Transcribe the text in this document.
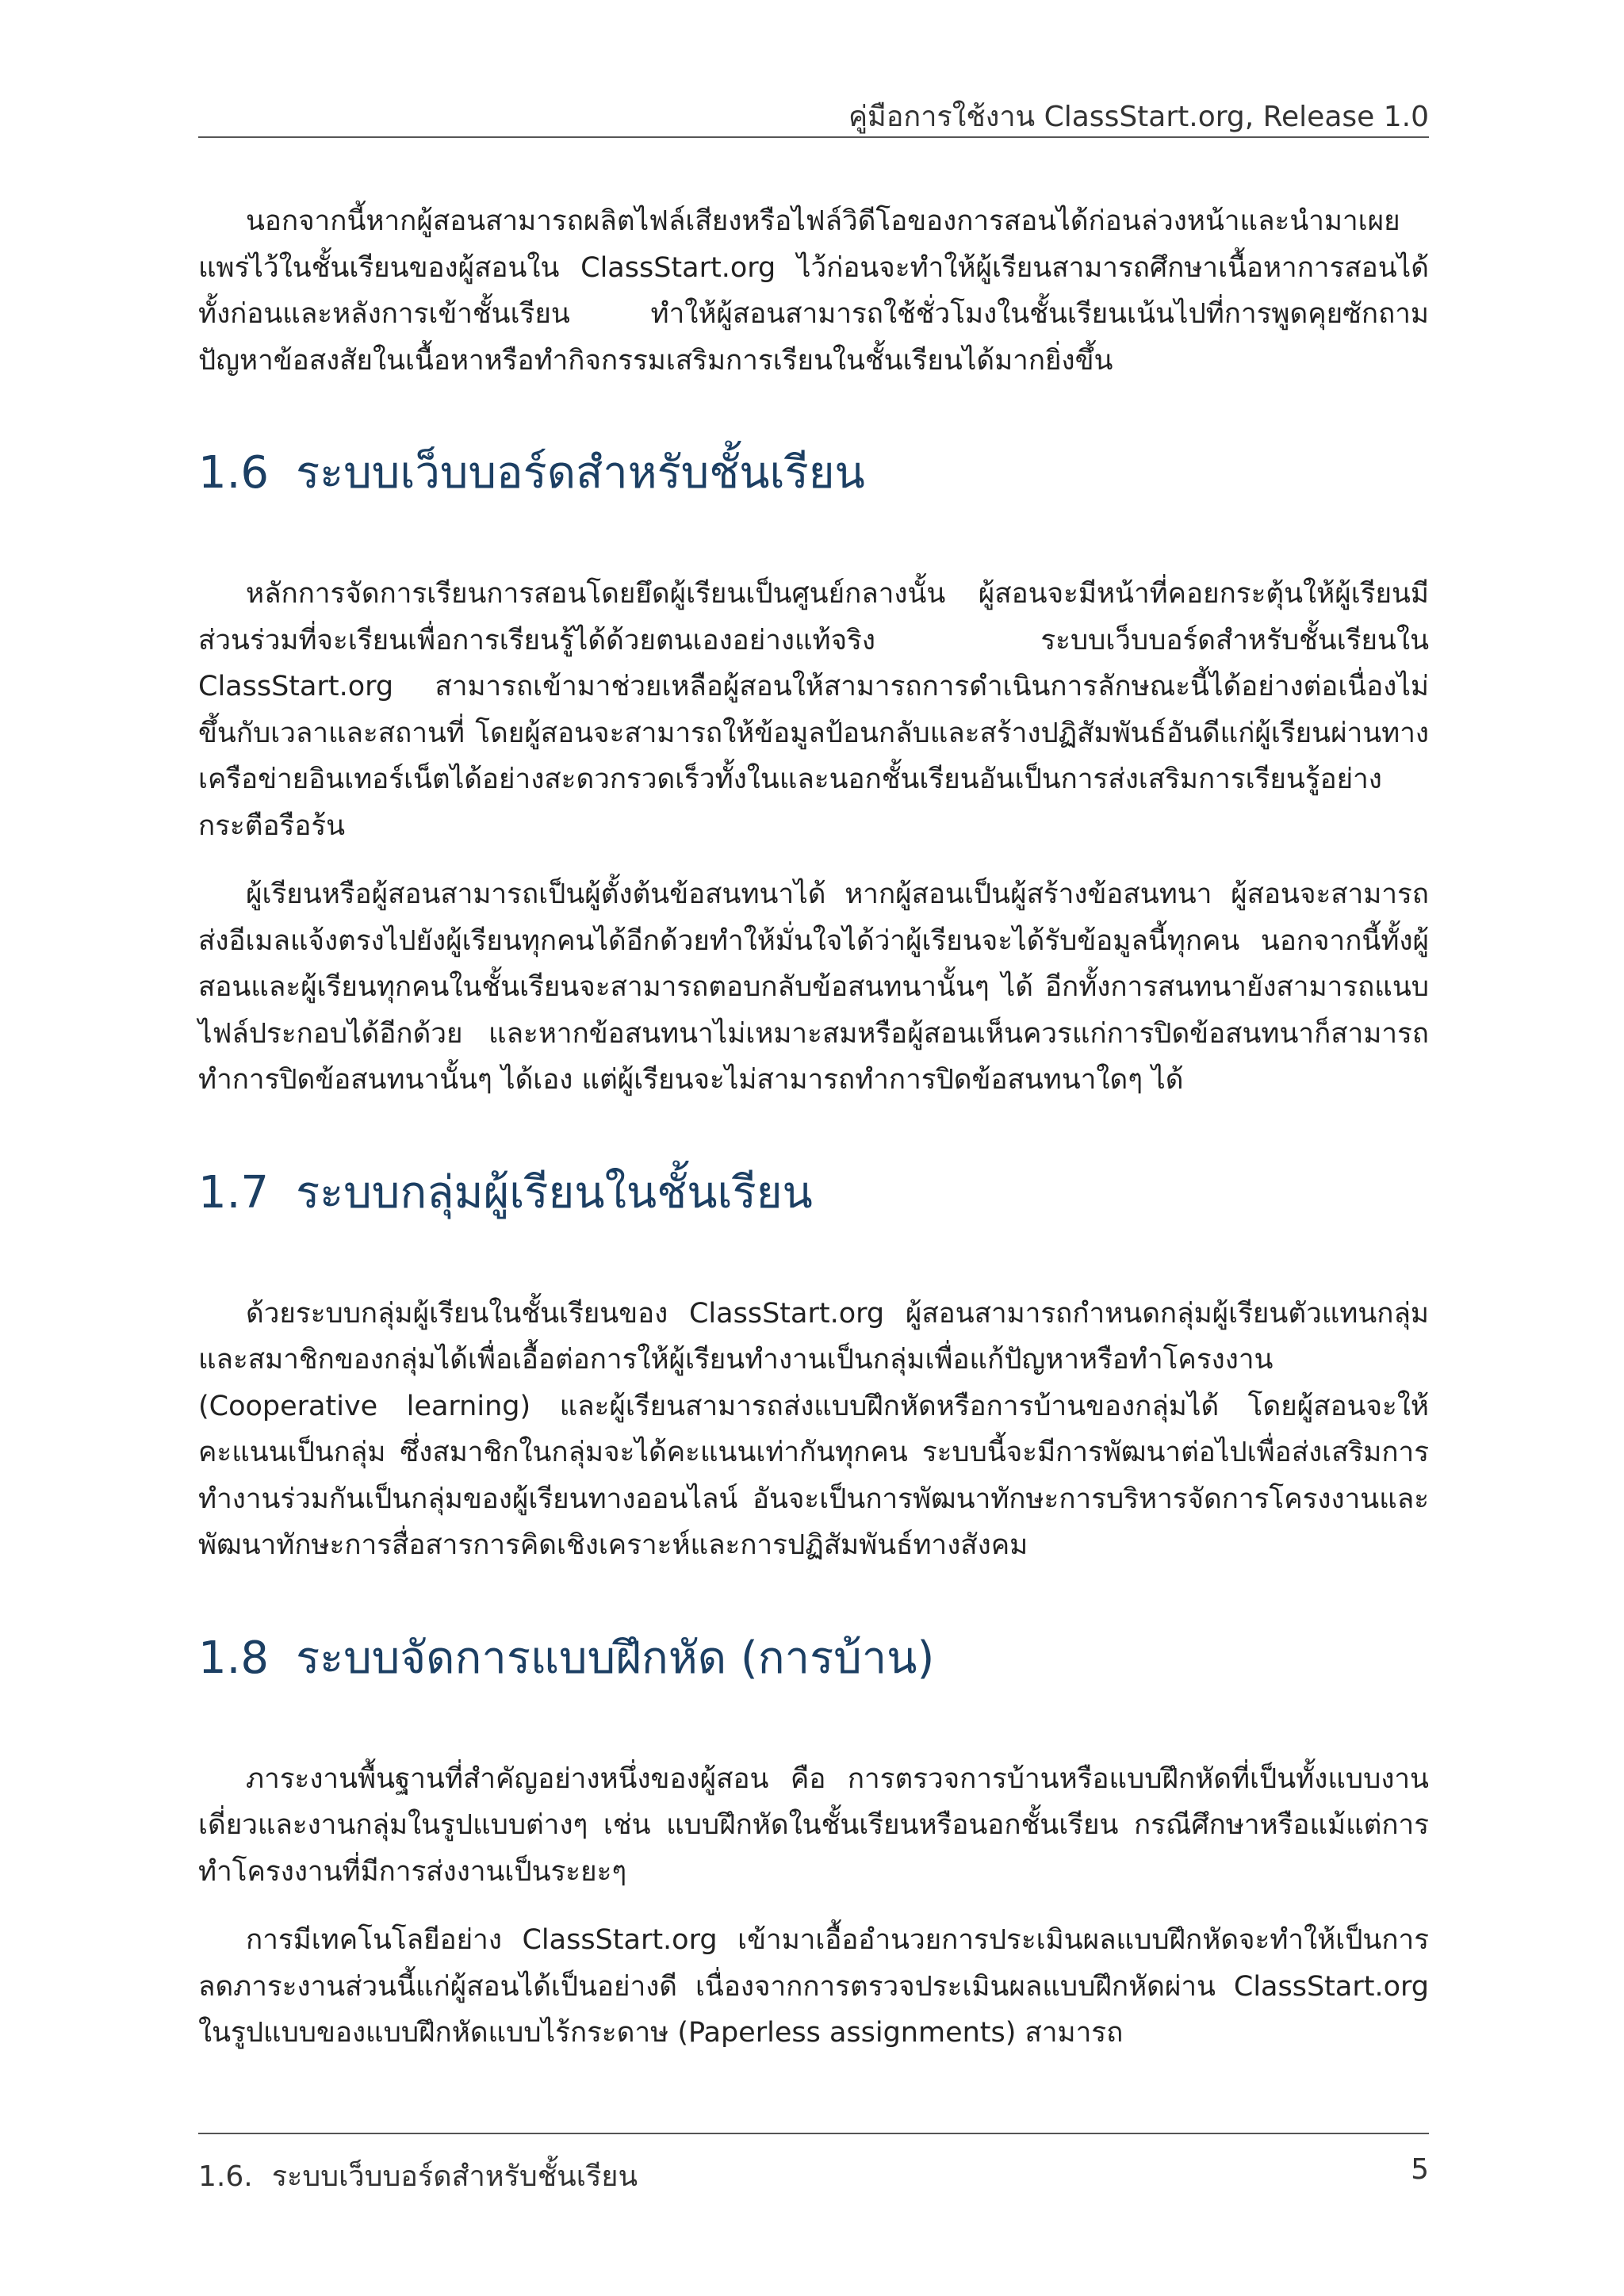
คู่มือการใช้งาน ClassStart.org, Release 1.0

นอกจากนี้หากผู้สอนสามารถผลิตไฟล์เสียงหรือไฟล์วิดีโอของการสอนได้ก่อนล่วงหน้าและนำมาเผยแพร่ไว้ในชั้นเรียนของผู้สอนใน ClassStart.org ไว้ก่อนจะทำให้ผู้เรียนสามารถศึกษาเนื้อหาการสอนได้ทั้งก่อนและหลังการเข้าชั้นเรียน ทำให้ผู้สอนสามารถใช้ชั่วโมงในชั้นเรียนเน้นไปที่การพูดคุยซักถามปัญหาข้อสงสัยในเนื้อหาหรือทำกิจกรรมเสริมการเรียนในชั้นเรียนได้มากยิ่งขึ้น

1.6 ระบบเว็บบอร์ดสำหรับชั้นเรียน

หลักการจัดการเรียนการสอนโดยยึดผู้เรียนเป็นศูนย์กลางนั้น ผู้สอนจะมีหน้าที่คอยกระตุ้นให้ผู้เรียนมีส่วนร่วมที่จะเรียนเพื่อการเรียนรู้ได้ด้วยตนเองอย่างแท้จริง ระบบเว็บบอร์ดสำหรับชั้นเรียนใน ClassStart.org สามารถเข้ามาช่วยเหลือผู้สอนให้สามารถการดำเนินการลักษณะนี้ได้อย่างต่อเนื่องไม่ขึ้นกับเวลาและสถานที่ โดยผู้สอนจะสามารถให้ข้อมูลป้อนกลับและสร้างปฏิสัมพันธ์อันดีแก่ผู้เรียนผ่านทางเครือข่ายอินเทอร์เน็ตได้อย่างสะดวกรวดเร็วทั้งในและนอกชั้นเรียนอันเป็นการส่งเสริมการเรียนรู้อย่างกระตือรือร้น

ผู้เรียนหรือผู้สอนสามารถเป็นผู้ตั้งต้นข้อสนทนาได้ หากผู้สอนเป็นผู้สร้างข้อสนทนา ผู้สอนจะสามารถส่งอีเมลแจ้งตรงไปยังผู้เรียนทุกคนได้อีกด้วยทำให้มั่นใจได้ว่าผู้เรียนจะได้รับข้อมูลนี้ทุกคน นอกจากนี้ทั้งผู้สอนและผู้เรียนทุกคนในชั้นเรียนจะสามารถตอบกลับข้อสนทนานั้นๆ ได้ อีกทั้งการสนทนายังสามารถแนบไฟล์ประกอบได้อีกด้วย และหากข้อสนทนาไม่เหมาะสมหรือผู้สอนเห็นควรแก่การปิดข้อสนทนาก็สามารถทำการปิดข้อสนทนานั้นๆ ได้เอง แต่ผู้เรียนจะไม่สามารถทำการปิดข้อสนทนาใดๆ ได้

1.7 ระบบกลุ่มผู้เรียนในชั้นเรียน

ด้วยระบบกลุ่มผู้เรียนในชั้นเรียนของ ClassStart.org ผู้สอนสามารถกำหนดกลุ่มผู้เรียนตัวแทนกลุ่มและสมาชิกของกลุ่มได้เพื่อเอื้อต่อการให้ผู้เรียนทำงานเป็นกลุ่มเพื่อแก้ปัญหาหรือทำโครงงาน (Cooperative learning) และผู้เรียนสามารถส่งแบบฝึกหัดหรือการบ้านของกลุ่มได้ โดยผู้สอนจะให้คะแนนเป็นกลุ่ม ซึ่งสมาชิกในกลุ่มจะได้คะแนนเท่ากันทุกคน ระบบนี้จะมีการพัฒนาต่อไปเพื่อส่งเสริมการทำงานร่วมกันเป็นกลุ่มของผู้เรียนทางออนไลน์ อันจะเป็นการพัฒนาทักษะการบริหารจัดการโครงงานและพัฒนาทักษะการสื่อสารการคิดเชิงเคราะห์และการปฏิสัมพันธ์ทางสังคม

1.8 ระบบจัดการแบบฝึกหัด (การบ้าน)

ภาระงานพื้นฐานที่สำคัญอย่างหนึ่งของผู้สอน คือ การตรวจการบ้านหรือแบบฝึกหัดที่เป็นทั้งแบบงานเดี่ยวและงานกลุ่มในรูปแบบต่างๆ เช่น แบบฝึกหัดในชั้นเรียนหรือนอกชั้นเรียน กรณีศึกษาหรือแม้แต่การทำโครงงานที่มีการส่งงานเป็นระยะๆ

การมีเทคโนโลยีอย่าง ClassStart.org เข้ามาเอื้ออำนวยการประเมินผลแบบฝึกหัดจะทำให้เป็นการลดภาระงานส่วนนี้แก่ผู้สอนได้เป็นอย่างดี เนื่องจากการตรวจประเมินผลแบบฝึกหัดผ่าน ClassStart.org ในรูปแบบของแบบฝึกหัดแบบไร้กระดาษ (Paperless assignments) สามารถ

1.6. ระบบเว็บบอร์ดสำหรับชั้นเรียน	5
